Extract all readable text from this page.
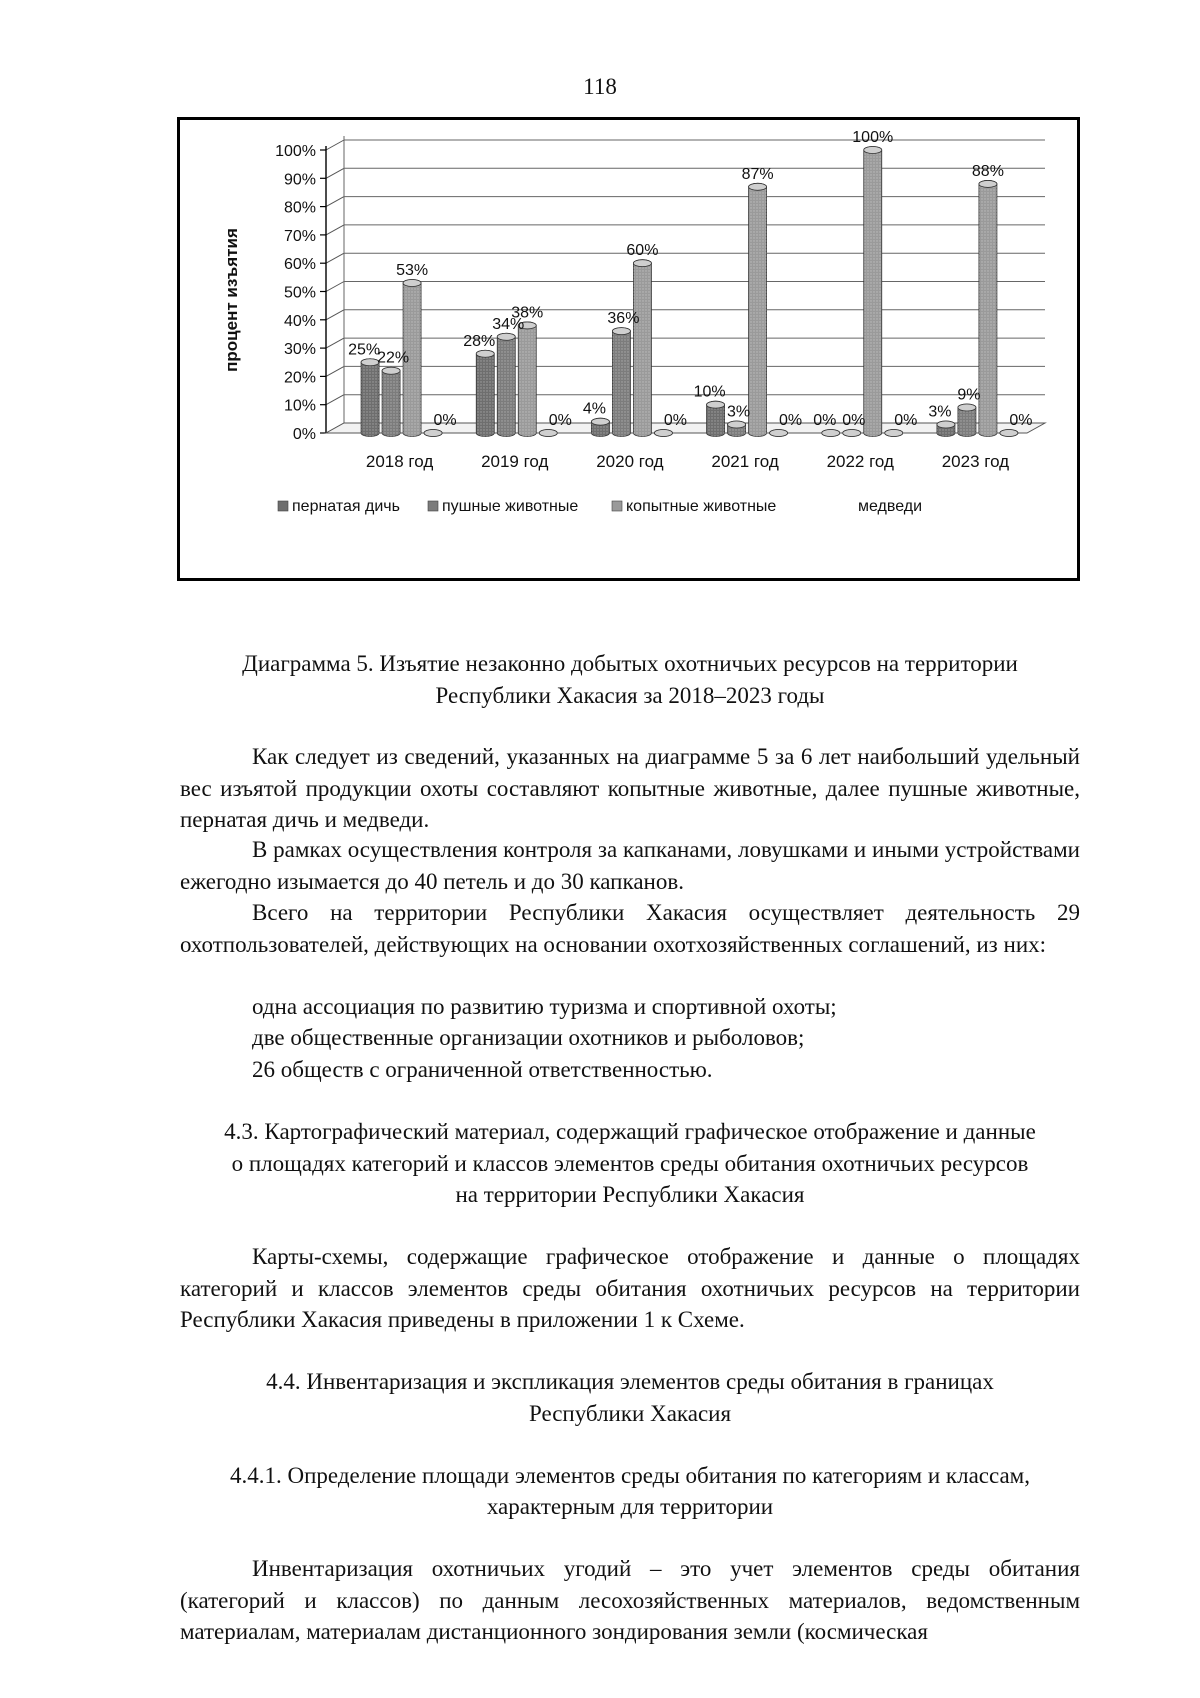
118
0%
10%
20%
30%
40%
50%
60%
70%
80%
90%
100%
2018 год	2019 год	2020 год	2021 год	2022 год	2023 год
25%
22%
53%
0%
28%
34%
38%
0%
4%
36%
60%
0%
10%
3%
87%
0% 0% 0%
100%
0% 3%
9%
88%
0%
процент изъятия
пернатая дичь	пушные животные	копытные животные	медведи
Диаграмма 5. Изъятие незаконно добытых охотничьих ресурсов на территории
Республики Хакасия за 2018–2023 годы
Как следует из сведений, указанных на диаграмме 5 за 6 лет наибольший удельный вес изъятой продукции охоты составляют копытные животные, далее пушные животные, пернатая дичь и медведи.
В рамках осуществления контроля за капканами, ловушками и иными устройствами ежегодно изымается до 40 петель и до 30 капканов.
Всего на территории Республики Хакасия осуществляет деятельность 29 охотпользователей, действующих на основании охотхозяйственных соглашений, из них:
одна ассоциация по развитию туризма и спортивной охоты;
две общественные организации охотников и рыболовов;
26 обществ с ограниченной ответственностью.
4.3. Картографический материал, содержащий графическое отображение и данные
о площадях категорий и классов элементов среды обитания охотничьих ресурсов
на территории Республики Хакасия
Карты-схемы, содержащие графическое отображение и данные о площадях категорий и классов элементов среды обитания охотничьих ресурсов на территории Республики Хакасия приведены в приложении 1 к Схеме.
4.4. Инвентаризация и экспликация элементов среды обитания в границах
Республики Хакасия
4.4.1. Определение площади элементов среды обитания по категориям и классам,
характерным для территории
Инвентаризация охотничьих угодий – это учет элементов среды обитания (категорий и классов) по данным лесохозяйственных материалов, ведомственным материалам, материалам дистанционного зондирования земли (космическая
